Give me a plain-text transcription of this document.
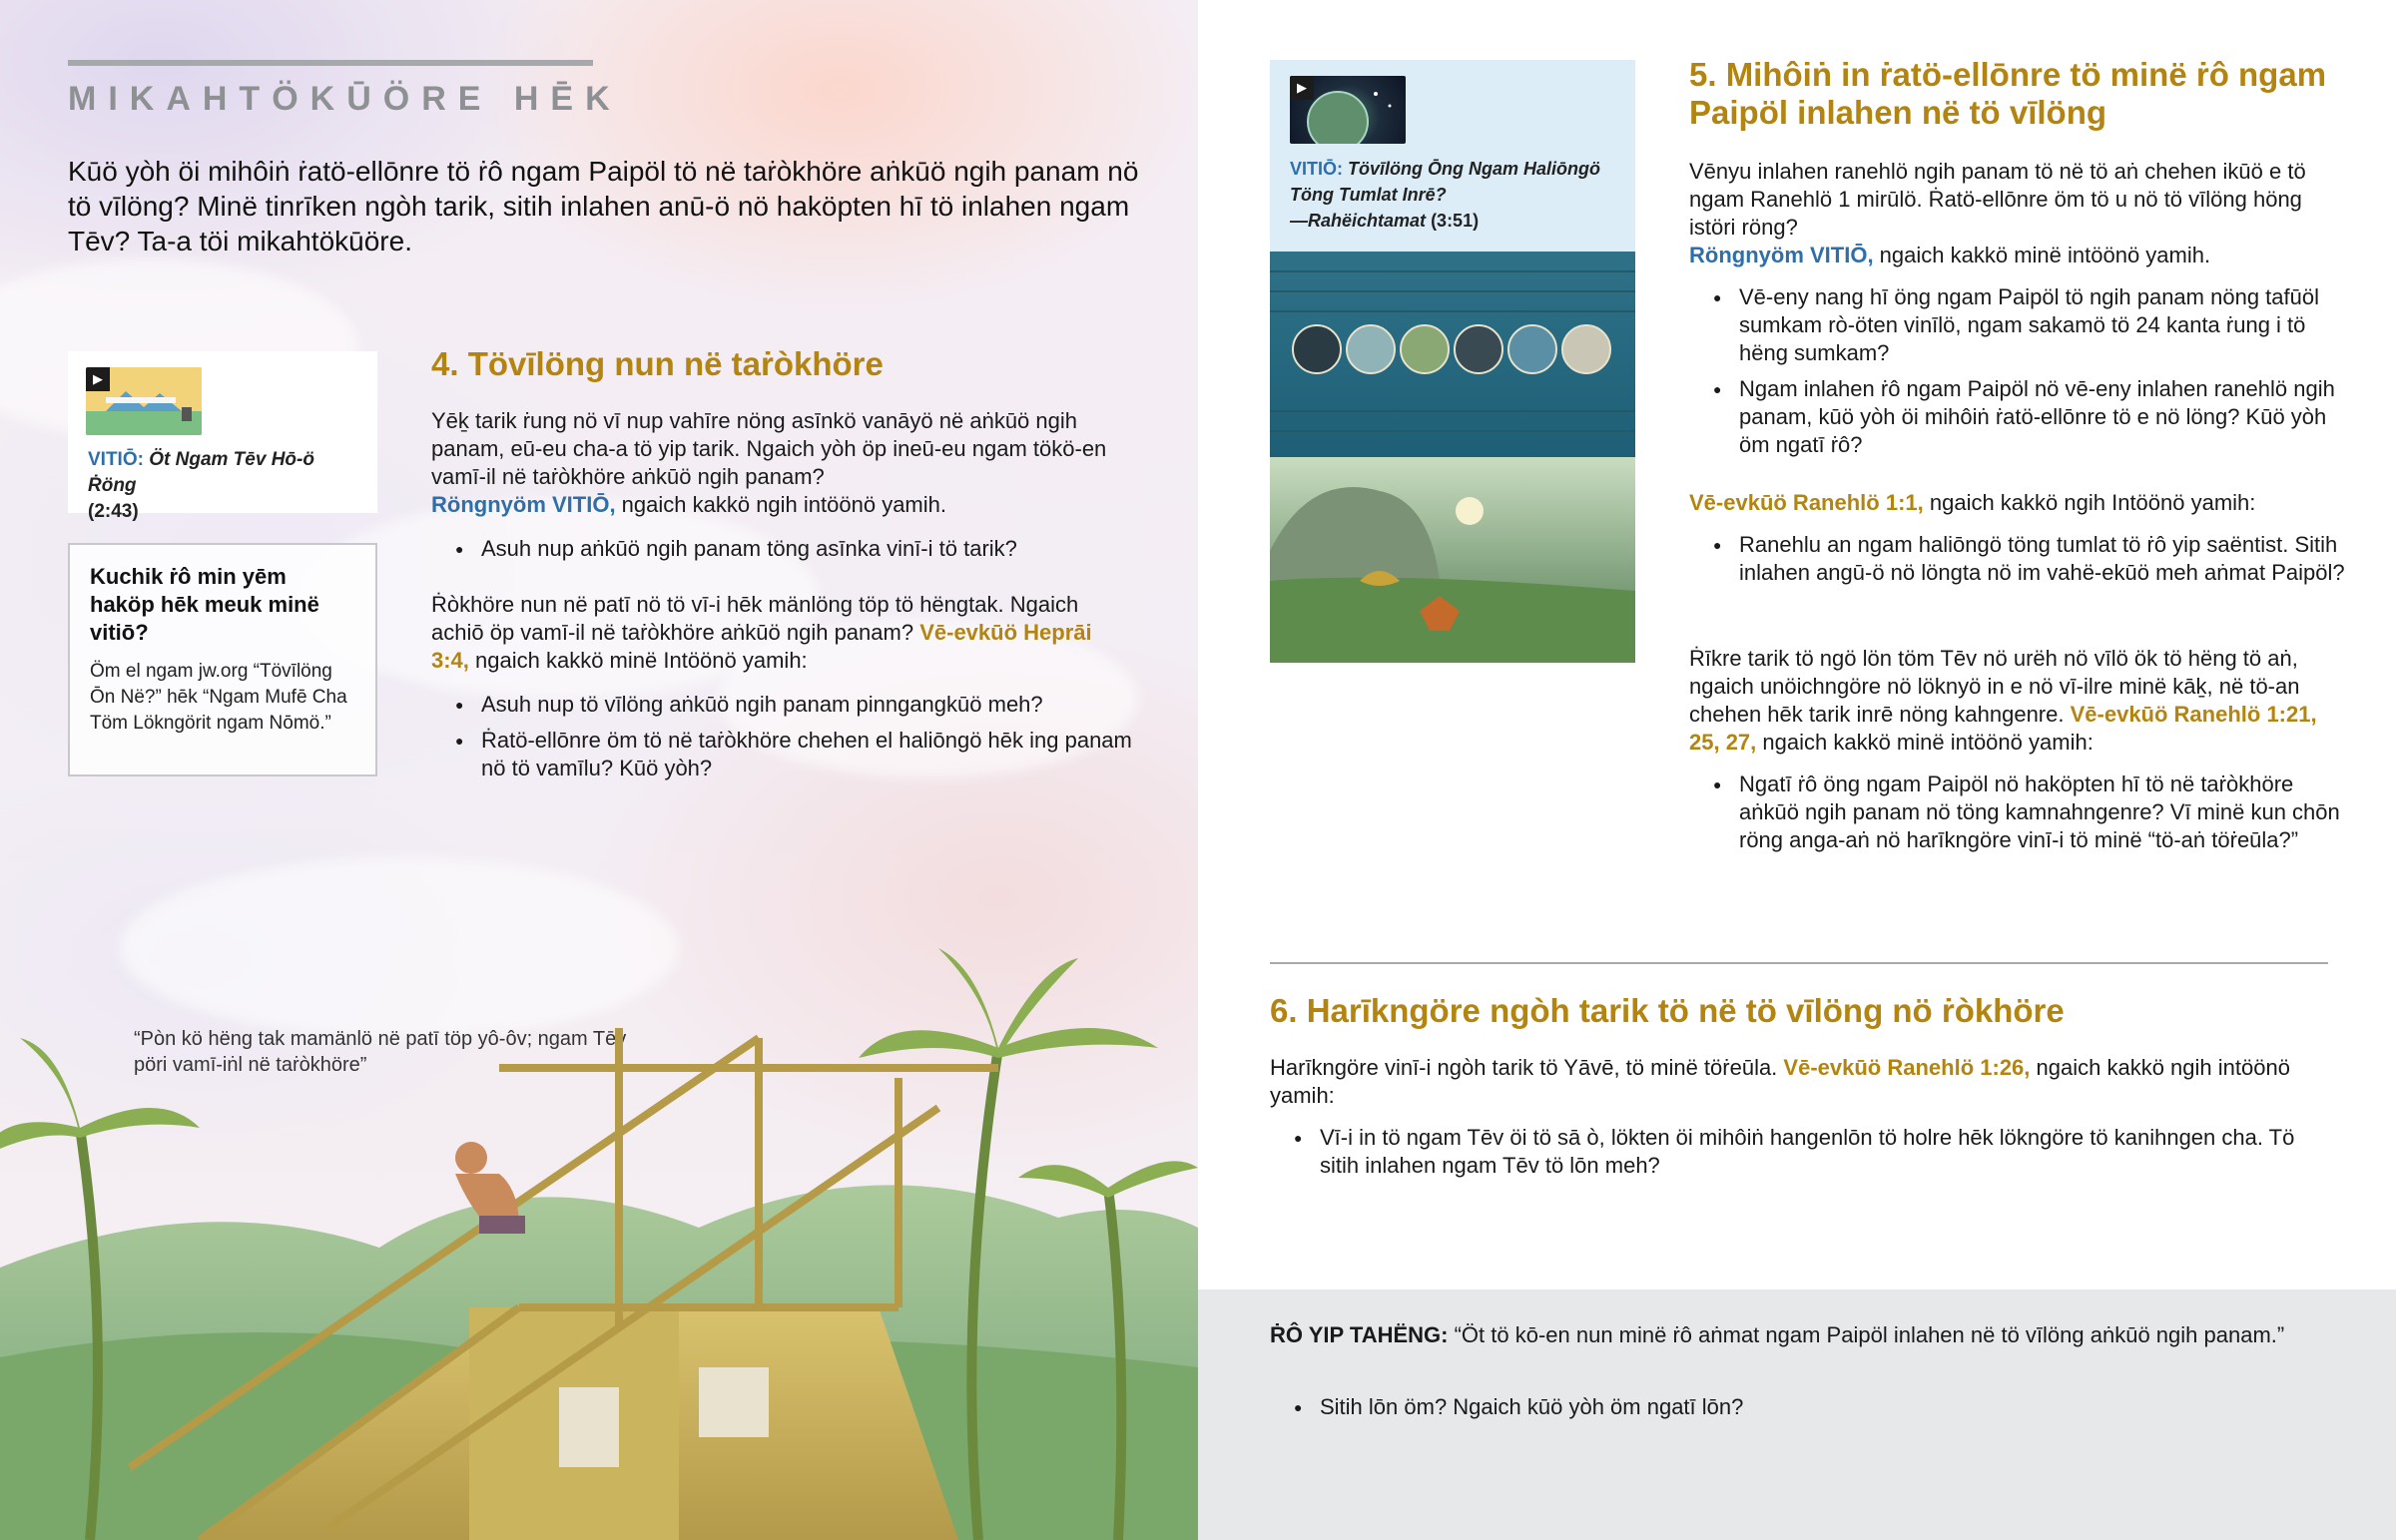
MIKAHTÖKŪÖRE HĒK

Kūö yòh öi mihôiṅ ṙatö-ellōnre tö ṙô ngam Paipöl tö në taṙòkhöre aṅkūö ngih panam nö tö vīlöng? Minë tinrīken ngòh tarik, sitih inlahen anū-ö nö haköpten hī tö inlahen ngam Tēv? Ta-a töi mikahtökūöre.

▶
VITIŌ: Öt Ngam Tēv Hō-ö Ṙöng
(2:43)
Kuchik ṙô min yēm haköp hēk meuk minë vitiō?

Öm el ngam jw.org “Tövīlöng Ōn Në?” hēk “Ngam Mufē Cha Töm Lökngörit ngam Nōmö.”

4. Tövīlöng nun në taṙòkhöre

Yēḵ tarik ṙung nö vī nup vahīre nöng asīnkö vanāyö në aṅkūö ngih panam, eū-eu cha-a tö yip tarik. Ngaich yòh öp ineū-eu ngam tökö-en vamī-il në taṙòkhöre aṅkūö ngih panam?
Röngnyöm VITIŌ, ngaich kakkö ngih intöönö yamih.

● Asuh nup aṅkūö ngih panam töng asīnka vinī-i tö tarik?

Ṙòkhöre nun në patī nö tö vī-i hēk mänlöng töp tö hëngtak. Ngaich achiō öp vamī-il në taṙòkhöre aṅkūö ngih panam? Vē-evkūö Heprāi 3:4, ngaich kakkö minë Intöönö yamih:

● Asuh nup tö vīlöng aṅkūö ngih panam pinngangkūö meh?
● Ṙatö-ellōnre öm tö në taṙòkhöre chehen el haliōngö hēk ing panam nö tö vamīlu? Kūö yòh?

“Pòn kö hëng tak mamänlö në patī töp yô-ôv; ngam Tēv pöri vamī-iṅl në taṙòkhöre”

▶
VITIŌ: Tövīlöng Ōng Ngam Haliōngö Töng Tumlat Inrē?
—Rahëichtamat (3:51)
5. Mihôiṅ in ṙatö-ellōnre tö minë ṙô ngam Paipöl inlahen në tö vīlöng

Vēnyu inlahen ranehlö ngih panam tö në tö aṅ chehen ikūö e tö ngam Ranehlö 1 mirūlö. Ṙatö-ellōnre öm tö u nö tö vīlöng höng istöri röng?
Röngnyöm VITIŌ, ngaich kakkö minë intöönö yamih.

● Vē-eny nang hī öng ngam Paipöl tö ngih panam nöng tafūöl sumkam rò-öten vinīlö, ngam sakamö tö 24 kanta ṙung i tö hëng sumkam?
● Ngam inlahen ṙô ngam Paipöl nö vē-eny inlahen ranehlö ngih panam, kūö yòh öi mihôiṅ ṙatö-ellōnre tö e nö löng? Kūö yòh öm ngatī ṙô?

Vē-evkūö Ranehlö 1:1, ngaich kakkö ngih Intöönö yamih:

● Ranehlu an ngam haliōngö töng tumlat tö ṙô yip saëntist. Sitih inlahen angū-ö nö löngta nö im vahë-ekūö meh aṅmat Paipöl?

Ṙīkre tarik tö ngö lön töm Tēv nö urëh nö vīlö ök tö hëng tö aṅ, ngaich unöichngöre nö löknyö in e nö vī-ilre minë kāḵ, në tö-an chehen hēk tarik inrē nöng kahngenre. Vē-evkūö Ranehlö 1:21, 25, 27, ngaich kakkö minë intöönö yamih:

● Ngatī ṙô öng ngam Paipöl nö haköpten hī tö në taṙòkhöre aṅkūö ngih panam nö töng kamnahngenre? Vī minë kun chōn röng anga-aṅ nö harīkngöre vinī-i tö minë “tö-aṅ töṙeūla?”
6. Harīkngöre ngòh tarik tö në tö vīlöng nö ṙòkhöre

Harīkngöre vinī-i ngòh tarik tö Yāvē, tö minë töṙeūla. Vē-evkūö Ranehlö 1:26, ngaich kakkö ngih intöönö yamih:

● Vī-i in tö ngam Tēv öi tö sā ò, lökten öi mihôiṅ hangenlōn tö holre hēk lökngöre tö kanihngen cha. Tö sitih inlahen ngam Tēv tö lōn meh?

ṘÔ YIP TAHËNG: “Öt tö kō-en nun minë ṙô aṅmat ngam Paipöl inlahen në tö vīlöng aṅkūö ngih panam.”

● Sitih lōn öm? Ngaich kūö yòh öm ngatī lōn?
